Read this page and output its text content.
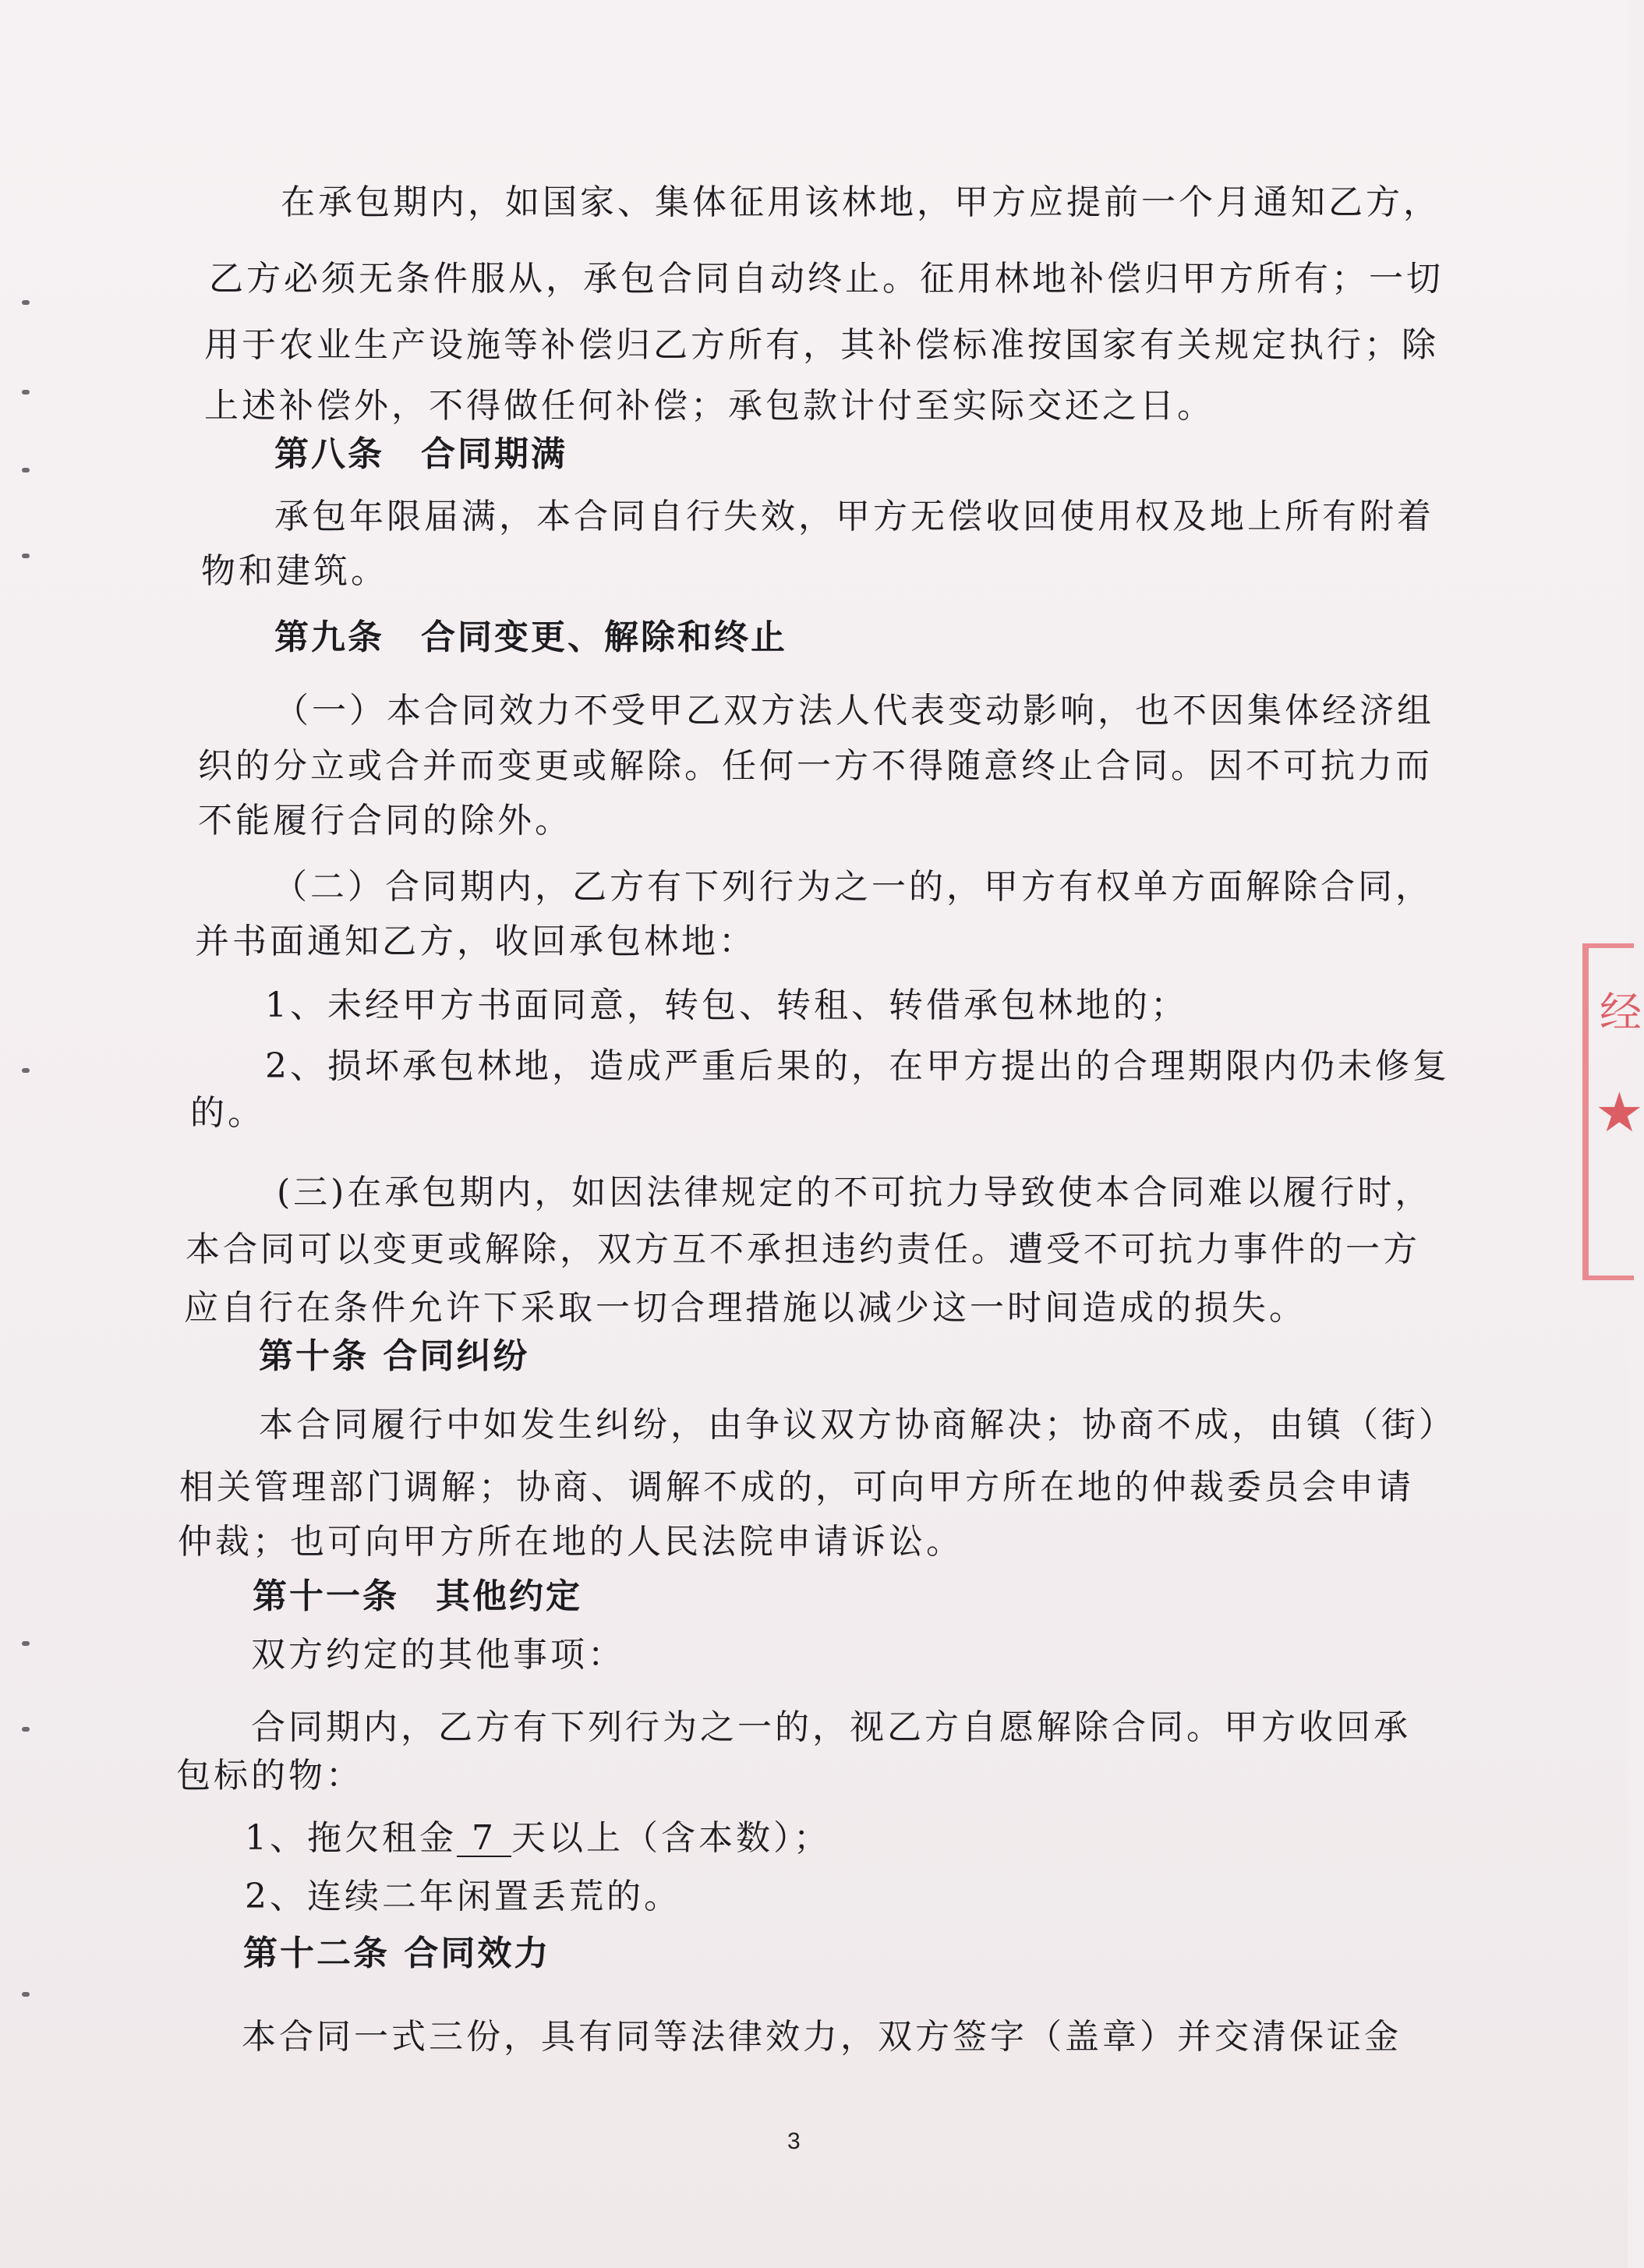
在承包期内，如国家、集体征用该林地，甲方应提前一个月通知乙方，
乙方必须无条件服从，承包合同自动终止。征用林地补偿归甲方所有；一切
用于农业生产设施等补偿归乙方所有，其补偿标准按国家有关规定执行；除
上述补偿外，不得做任何补偿；承包款计付至实际交还之日。
第八条　合同期满
承包年限届满，本合同自行失效，甲方无偿收回使用权及地上所有附着
物和建筑。
第九条　合同变更、解除和终止
（一）本合同效力不受甲乙双方法人代表变动影响，也不因集体经济组
织的分立或合并而变更或解除。任何一方不得随意终止合同。因不可抗力而
不能履行合同的除外。
（二）合同期内，乙方有下列行为之一的，甲方有权单方面解除合同，
并书面通知乙方，收回承包林地：
1、未经甲方书面同意，转包、转租、转借承包林地的；
2、损坏承包林地，造成严重后果的，在甲方提出的合理期限内仍未修复
的。
(三)在承包期内，如因法律规定的不可抗力导致使本合同难以履行时，
本合同可以变更或解除，双方互不承担违约责任。遭受不可抗力事件的一方
应自行在条件允许下采取一切合理措施以减少这一时间造成的损失。
第十条 合同纠纷
本合同履行中如发生纠纷，由争议双方协商解决；协商不成，由镇（街）
相关管理部门调解；协商、调解不成的，可向甲方所在地的仲裁委员会申请
仲裁；也可向甲方所在地的人民法院申请诉讼。
第十一条　其他约定
双方约定的其他事项：
合同期内，乙方有下列行为之一的，视乙方自愿解除合同。甲方收回承
包标的物：
1、拖欠租金 7 天以上（含本数）；
2、连续二年闲置丢荒的。
第十二条 合同效力
本合同一式三份，具有同等法律效力，双方签字（盖章）并交清保证金
3
经
★
